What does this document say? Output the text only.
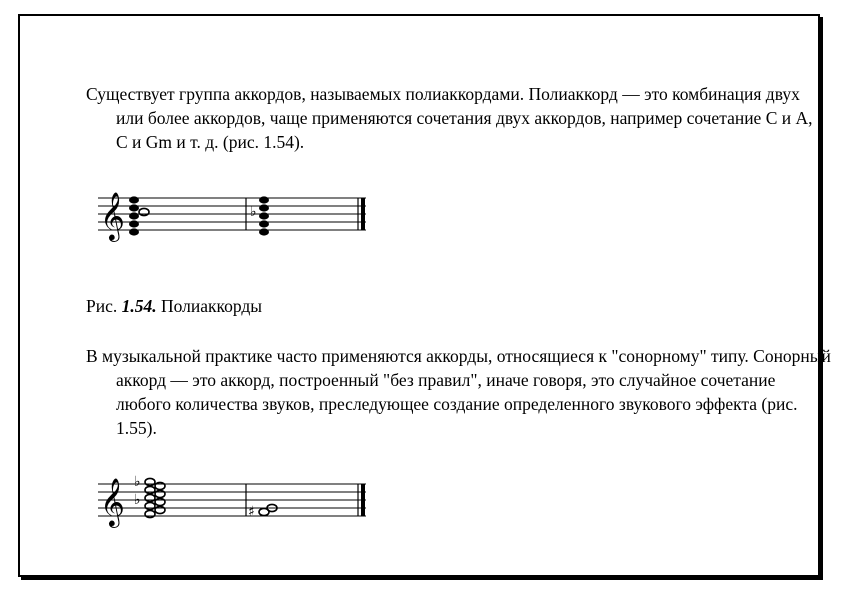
Существует группа аккордов, называемых полиаккордами. Полиаккорд — это комбинация двух или более аккордов, чаще применяются сочетания двух аккордов, например сочетание С и А, С и Gm и т. д. (рис. 1.54).

𝄞	♭

Рис. 1.54. Полиаккорды

В музыкальной практике часто применяются аккорды, относящиеся к "сонорному" типу. Сонорный аккорд — это аккорд, построенный "без правил", иначе говоря, это случайное сочетание любого количества звуков, преследующее создание определенного звукового эффекта (рис. 1.55).

𝄞 ♭
♭
♯
